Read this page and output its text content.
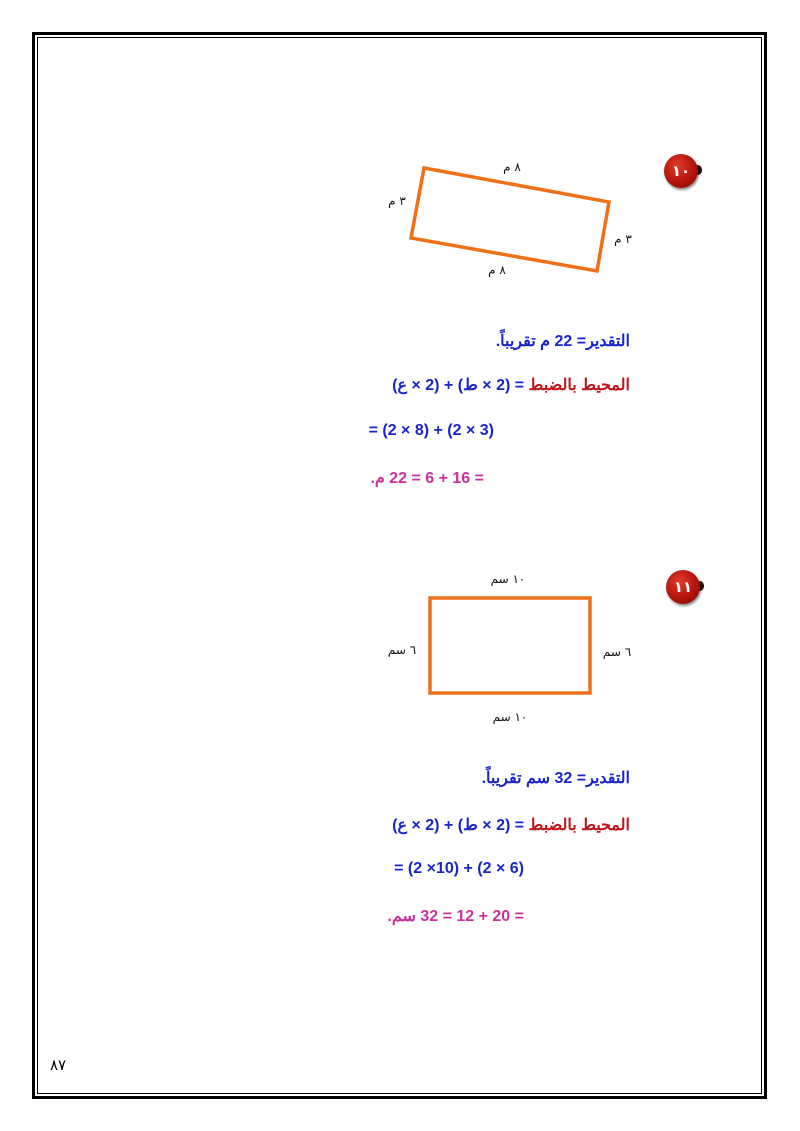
١٠
٨ م
٣ م
٣ م
٨ م
١٠ سم
٦ سم	٦ سم
١٠ سم
التقدير= 22 م تقريباً.
المحيط بالضبط = (2 × ط) + (2 × ع)
= (2 × 8) + (2 × 3)
= 16 + 6 = 22 م.
١١
التقدير= 32 سم تقريباً.
المحيط بالضبط = (2 × ط) + (2 × ع)
= (2 ×10) + (2 × 6)
= 20 + 12 = 32 سم.
٨٧
